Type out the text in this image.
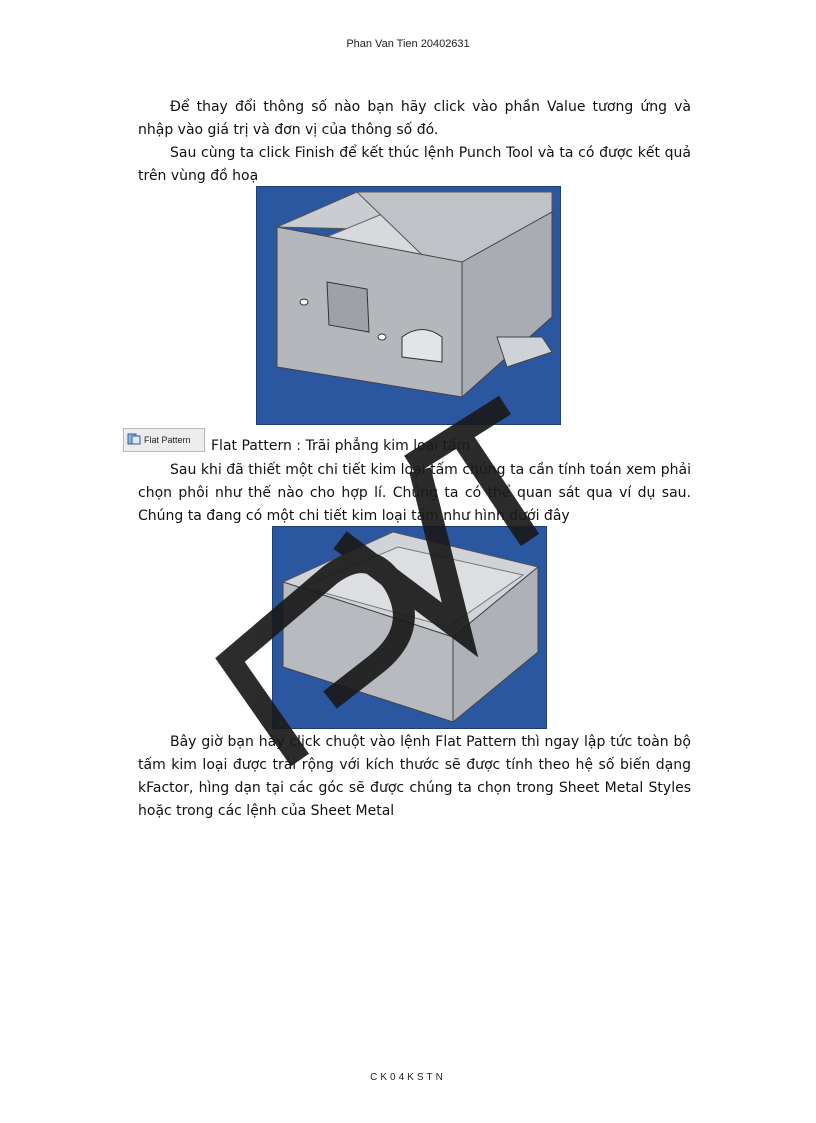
Phan Van Tien 20402631

Để thay đổi thông số nào bạn hãy click vào phần Value tương ứng và nhập vào giá trị và đơn vị của thông số đó.

Sau cùng ta click Finish để kết thúc lệnh Punch Tool và ta có được kết quả trên vùng đồ hoạ

Flat Pattern Flat Pattern : Trãi phẳng kim loại tấm

Sau khi đã thiết một chi tiết kim loại tấm chúng ta cần tính toán xem phải chọn phôi như thế nào cho hợp lí. Chúng ta có thể quan sát qua ví dụ sau. Chúng ta đang có một chi tiết kim loại tấm như hình dưới đây

Bây giờ bạn hãy click chuột vào lệnh Flat Pattern thì ngay lập tức toàn bộ tấm kim loại được trải rộng với kích thước sẽ được tính theo hệ số biến dạng kFactor, hìng dạn tại các góc sẽ được chúng ta chọn trong Sheet Metal Styles hoặc trong các lệnh của Sheet Metal

CK04KSTN
